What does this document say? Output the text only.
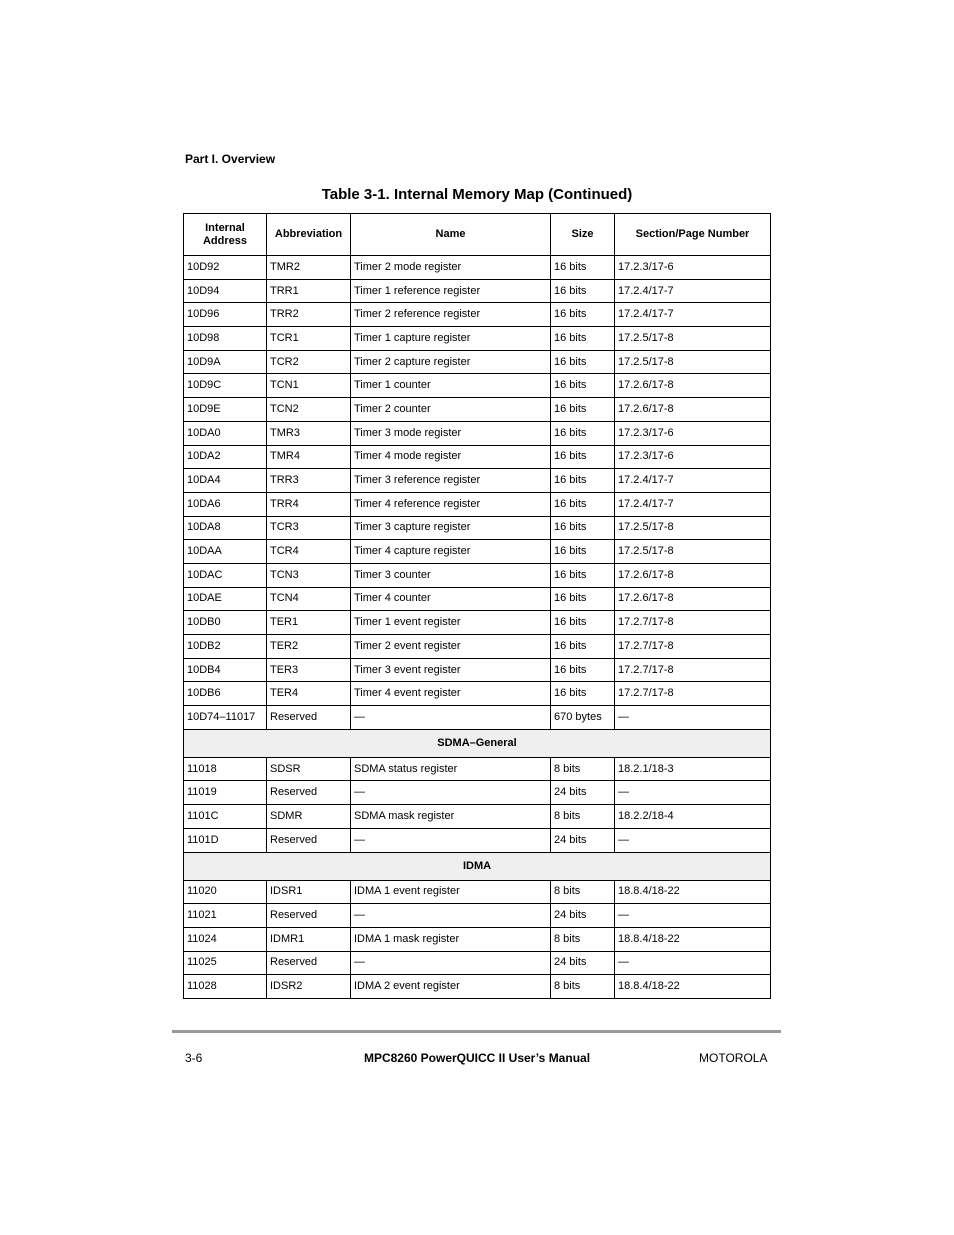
Part I. Overview
Table 3-1. Internal Memory Map (Continued)
Internal Address	Abbreviation	Name	Size	Section/Page Number
10D92	TMR2	Timer 2 mode register	16 bits	17.2.3/17-6
10D94	TRR1	Timer 1 reference register	16 bits	17.2.4/17-7
10D96	TRR2	Timer 2 reference register	16 bits	17.2.4/17-7
10D98	TCR1	Timer 1 capture register	16 bits	17.2.5/17-8
10D9A	TCR2	Timer 2 capture register	16 bits	17.2.5/17-8
10D9C	TCN1	Timer 1 counter	16 bits	17.2.6/17-8
10D9E	TCN2	Timer 2 counter	16 bits	17.2.6/17-8
10DA0	TMR3	Timer 3 mode register	16 bits	17.2.3/17-6
10DA2	TMR4	Timer 4 mode register	16 bits	17.2.3/17-6
10DA4	TRR3	Timer 3 reference register	16 bits	17.2.4/17-7
10DA6	TRR4	Timer 4 reference register	16 bits	17.2.4/17-7
10DA8	TCR3	Timer 3 capture register	16 bits	17.2.5/17-8
10DAA	TCR4	Timer 4 capture register	16 bits	17.2.5/17-8
10DAC	TCN3	Timer 3 counter	16 bits	17.2.6/17-8
10DAE	TCN4	Timer 4 counter	16 bits	17.2.6/17-8
10DB0	TER1	Timer 1 event register	16 bits	17.2.7/17-8
10DB2	TER2	Timer 2 event register	16 bits	17.2.7/17-8
10DB4	TER3	Timer 3 event register	16 bits	17.2.7/17-8
10DB6	TER4	Timer 4 event register	16 bits	17.2.7/17-8
10D74–11017	Reserved	—	670 bytes	—
SDMA–General				
11018	SDSR	SDMA status register	8 bits	18.2.1/18-3
11019	Reserved	—	24 bits	—
1101C	SDMR	SDMA mask register	8 bits	18.2.2/18-4
1101D	Reserved	—	24 bits	—
IDMA				
11020	IDSR1	IDMA 1 event register	8 bits	18.8.4/18-22
11021	Reserved	—	24 bits	—
11024	IDMR1	IDMA 1 mask register	8 bits	18.8.4/18-22
11025	Reserved	—	24 bits	—
11028	IDSR2	IDMA 2 event register	8 bits	18.8.4/18-22
3-6	MPC8260 PowerQUICC II User’s Manual	MOTOROLA
